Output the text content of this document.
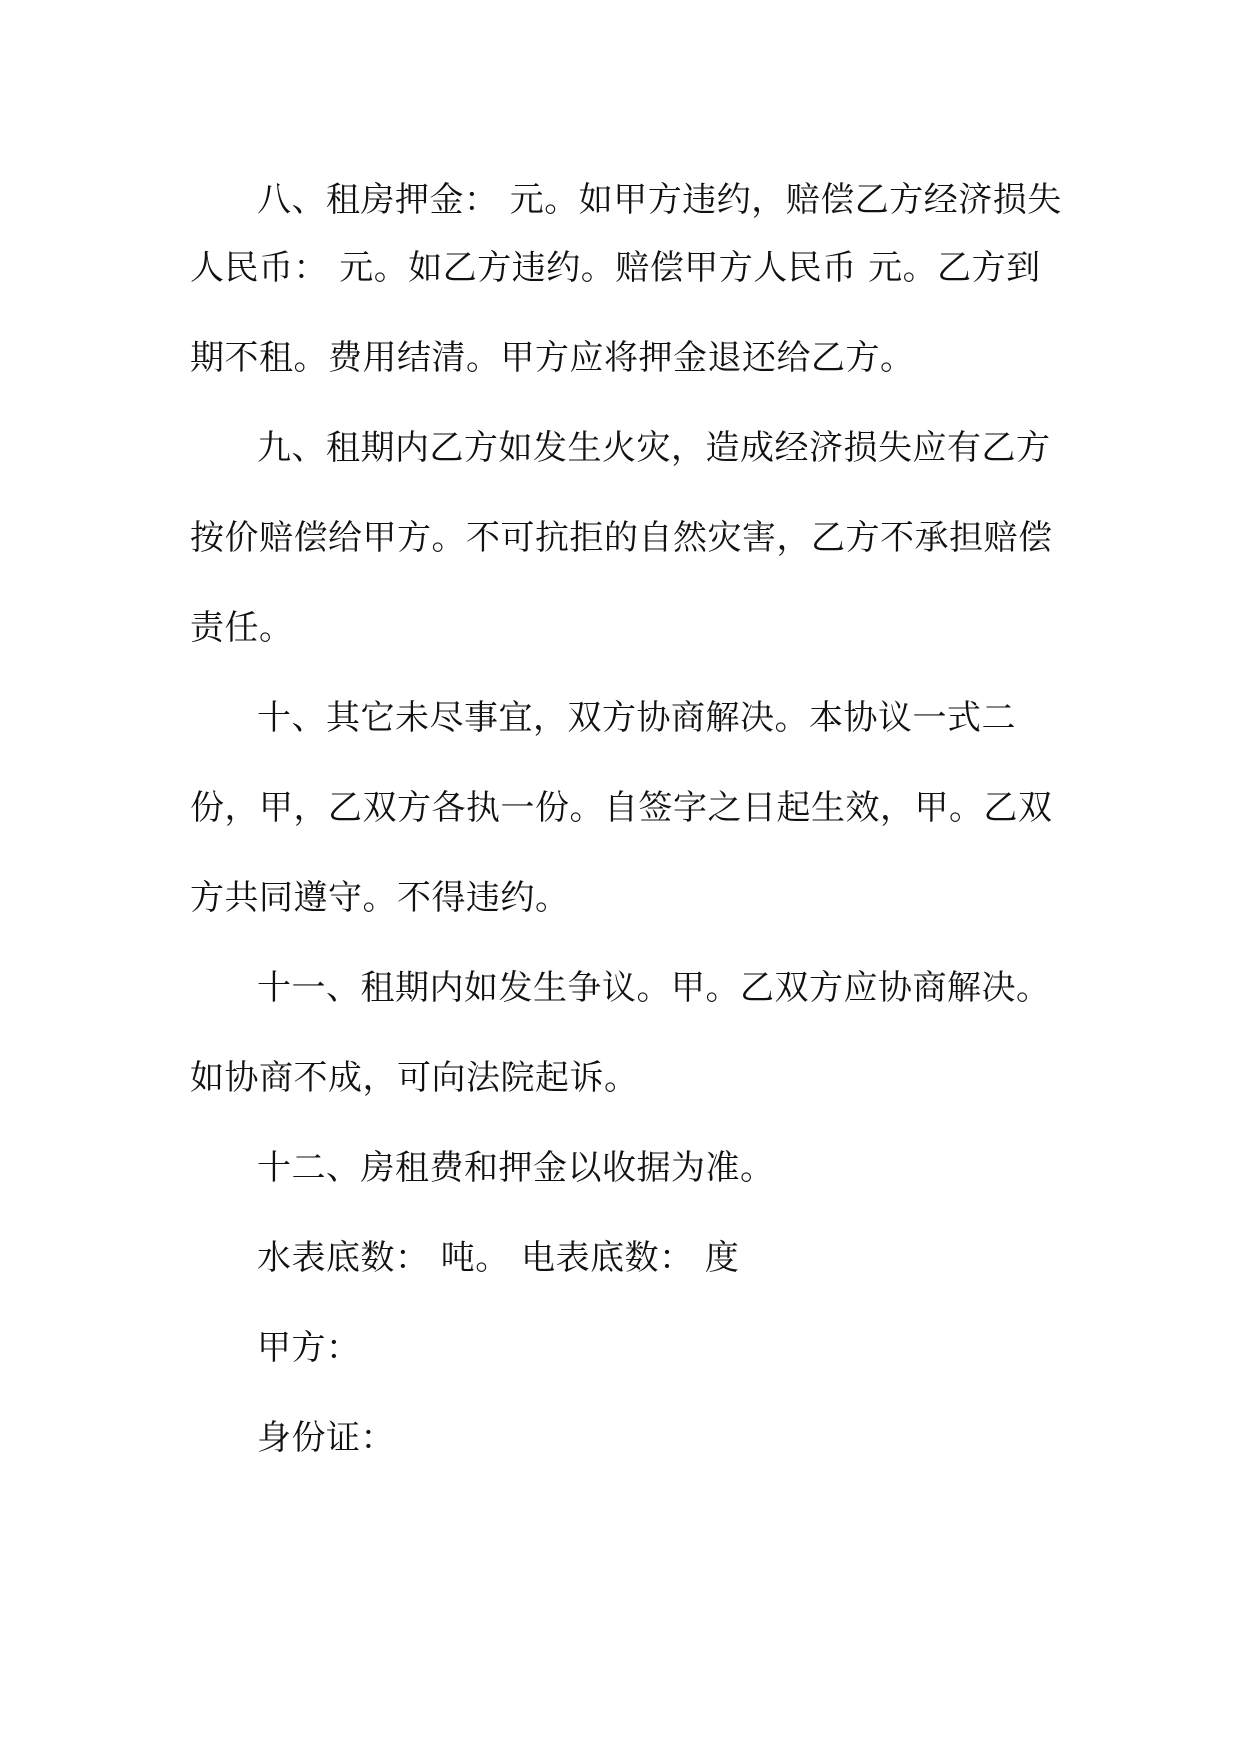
八、租房押金： 元。如甲方违约，赔偿乙方经济损失
人民币： 元。如乙方违约。赔偿甲方人民币 元。乙方到
期不租。费用结清。甲方应将押金退还给乙方。
九、租期内乙方如发生火灾，造成经济损失应有乙方
按价赔偿给甲方。不可抗拒的自然灾害，乙方不承担赔偿
责任。
十、其它未尽事宜，双方协商解决。本协议一式二
份，甲，乙双方各执一份。自签字之日起生效，甲。乙双
方共同遵守。不得违约。
十一、租期内如发生争议。甲。乙双方应协商解决。
如协商不成，可向法院起诉。
十二、房租费和押金以收据为准。
水表底数： 吨。 电表底数： 度
甲方：
身份证：
